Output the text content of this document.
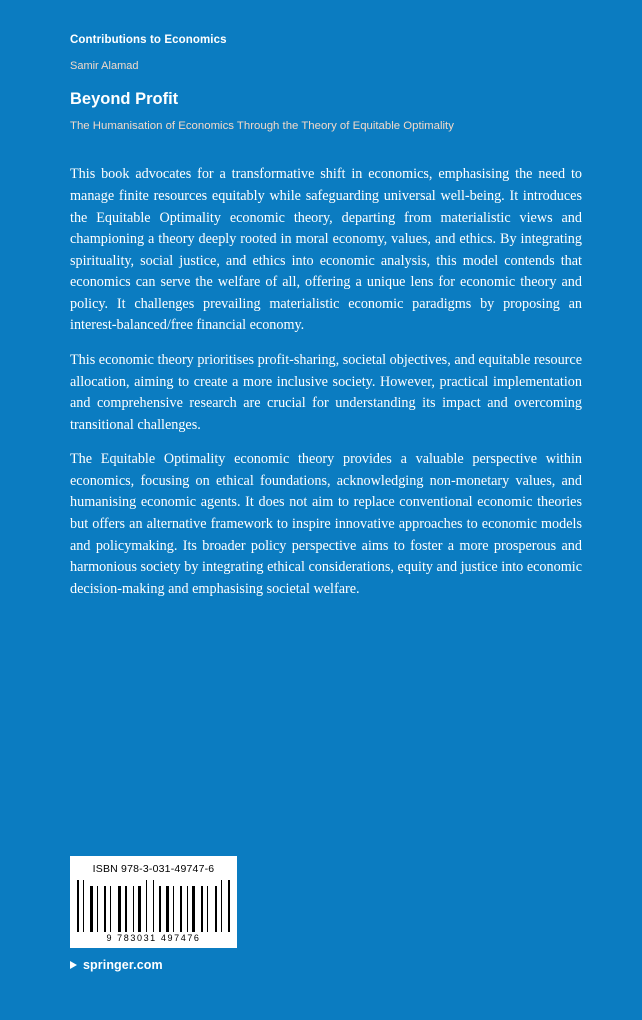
Contributions to Economics
Samir Alamad
Beyond Profit
The Humanisation of Economics Through the Theory of Equitable Optimality

This book advocates for a transformative shift in economics, emphasising the need to manage finite resources equitably while safeguarding universal well-being. It introduces the Equitable Optimality economic theory, departing from materialistic views and championing a theory deeply rooted in moral economy, values, and ethics. By integrating spirituality, social justice, and ethics into economic analysis, this model contends that economics can serve the welfare of all, offering a unique lens for economic theory and policy. It challenges prevailing materialistic economic paradigms by proposing an interest-balanced/free financial economy.

This economic theory prioritises profit-sharing, societal objectives, and equitable resource allocation, aiming to create a more inclusive society. However, practical implementation and comprehensive research are crucial for understanding its impact and overcoming transitional challenges.

The Equitable Optimality economic theory provides a valuable perspective within economics, focusing on ethical foundations, acknowledging non-monetary values, and humanising economic agents. It does not aim to replace conventional economic theories but offers an alternative framework to inspire innovative approaches to economic models and policymaking. Its broader policy perspective aims to foster a more prosperous and harmonious society by integrating ethical considerations, equity and justice into economic decision-making and emphasising societal welfare.

ISBN 978-3-031-49747-6
9 783031 497476
springer.com
